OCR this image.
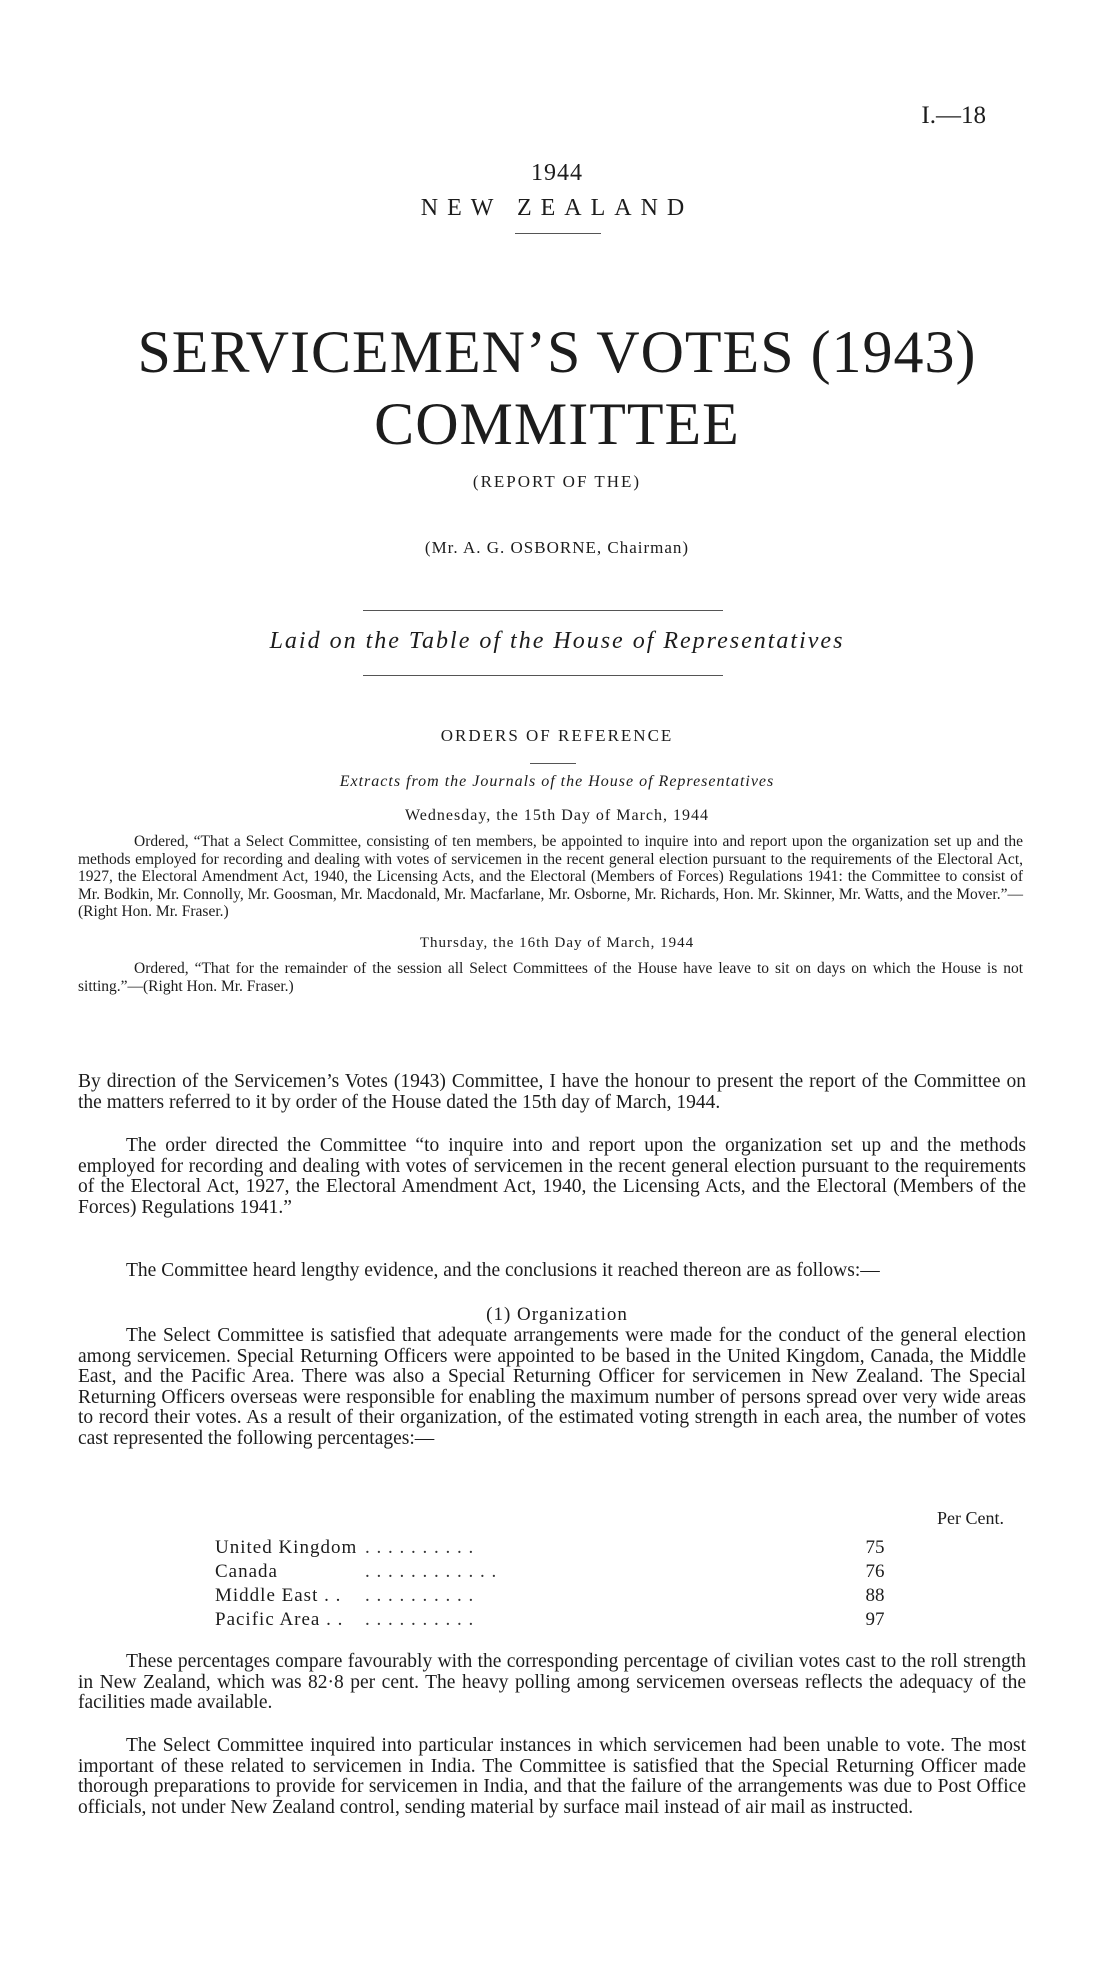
I.—18
1944
NEW ZEALAND
SERVICEMEN’S VOTES (1943)
COMMITTEE
(REPORT OF THE)
(Mr. A. G. OSBORNE, Chairman)
Laid on the Table of the House of Representatives
ORDERS OF REFERENCE
Extracts from the Journals of the House of Representatives
Wednesday, the 15th Day of March, 1944
Ordered, “That a Select Committee, consisting of ten members, be appointed to inquire into and report upon the organization set up and the methods employed for recording and dealing with votes of servicemen in the recent general election pursuant to the requirements of the Electoral Act, 1927, the Electoral Amendment Act, 1940, the Licensing Acts, and the Electoral (Members of Forces) Regulations 1941: the Committee to consist of Mr. Bodkin, Mr. Connolly, Mr. Goosman, Mr. Macdonald, Mr. Macfarlane, Mr. Osborne, Mr. Richards, Hon. Mr. Skinner, Mr. Watts, and the Mover.”—(Right Hon. Mr. Fraser.)
Thursday, the 16th Day of March, 1944
Ordered, “That for the remainder of the session all Select Committees of the House have leave to sit on days on which the House is not sitting.”—(Right Hon. Mr. Fraser.)

By direction of the Servicemen’s Votes (1943) Committee, I have the honour to present the report of the Committee on the matters referred to it by order of the House dated the 15th day of March, 1944.

The order directed the Committee “to inquire into and report upon the organization set up and the methods employed for recording and dealing with votes of servicemen in the recent general election pursuant to the requirements of the Electoral Act, 1927, the Electoral Amendment Act, 1940, the Licensing Acts, and the Electoral (Members of the Forces) Regulations 1941.”

The Committee heard lengthy evidence, and the conclusions it reached thereon are as follows:—

(1) Organization

The Select Committee is satisfied that adequate arrangements were made for the conduct of the general election among servicemen. Special Returning Officers were appointed to be based in the United Kingdom, Canada, the Middle East, and the Pacific Area. There was also a Special Returning Officer for servicemen in New Zealand. The Special Returning Officers overseas were responsible for enabling the maximum number of persons spread over very wide areas to record their votes. As a result of their organization, of the estimated voting strength in each area, the number of votes cast represented the following percentages:—

Per Cent.
United Kingdom . . . . . . . . . .	75
Canada	. . . . . . . . . . . .	76
Middle East . . . . . . . . . . . .	88
Pacific Area . . . . . . . . . . . .	97

These percentages compare favourably with the corresponding percentage of civilian votes cast to the roll strength in New Zealand, which was 82·8 per cent. The heavy polling among servicemen overseas reflects the adequacy of the facilities made available.

The Select Committee inquired into particular instances in which servicemen had been unable to vote. The most important of these related to servicemen in India. The Committee is satisfied that the Special Returning Officer made thorough preparations to provide for servicemen in India, and that the failure of the arrangements was due to Post Office officials, not under New Zealand control, sending material by surface mail instead of air mail as instructed.
